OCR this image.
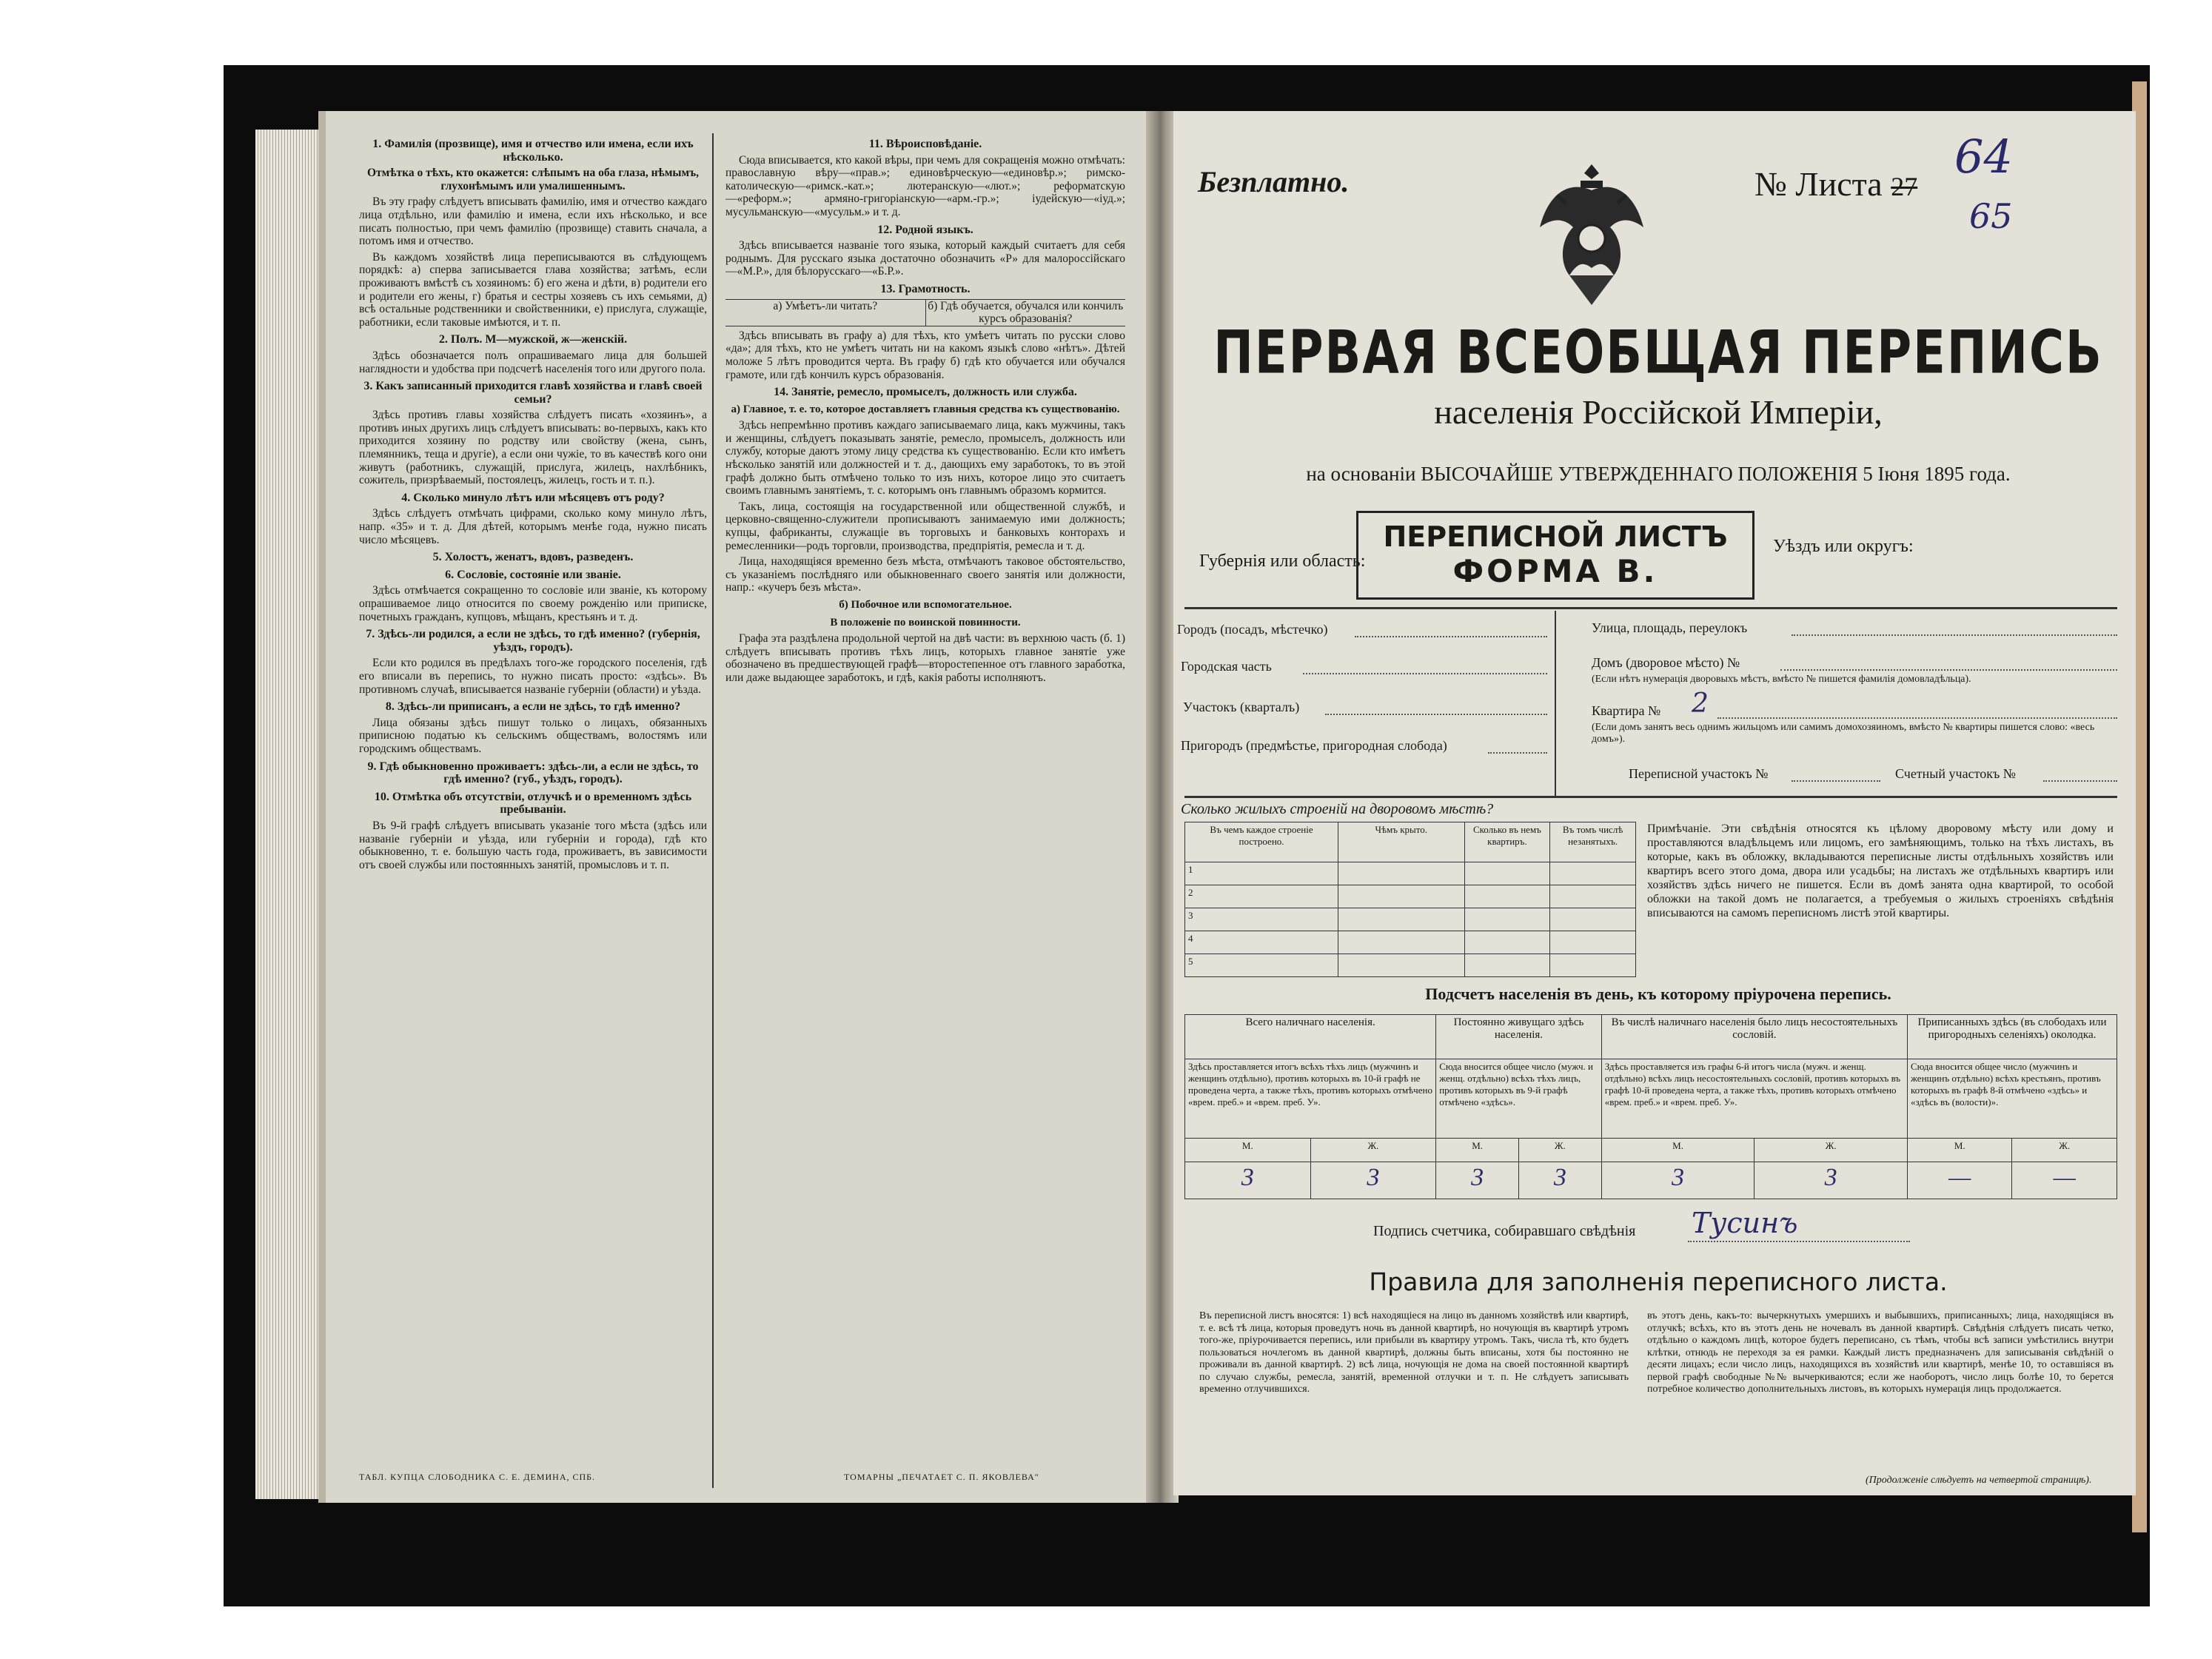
1. Фамилія (прозвище), имя и отчество или имена, если ихъ нѣсколько.

Отмѣтка о тѣхъ, кто окажется: слѣпымъ на оба глаза, нѣмымъ, глухонѣмымъ или умалишеннымъ.

Въ эту графу слѣдуетъ вписывать фамилію, имя и отчество каждаго лица отдѣльно, или фамилію и имена, если ихъ нѣсколько, и все писать полностью, при чемъ фамилію (прозвище) ставить сначала, а потомъ имя и отчество.

Въ каждомъ хозяйствѣ лица переписываются въ слѣдующемъ порядкѣ: а) сперва записывается глава хозяйства; затѣмъ, если проживаютъ вмѣстѣ съ хозяиномъ: б) его жена и дѣти, в) родители его и родители его жены, г) братья и сестры хозяевъ съ ихъ семьями, д) всѣ остальные родственники и свойственники, е) прислуга, служащіе, работники, если таковые имѣются, и т. п.

2. Полъ. М—мужской, ж—женскій.

Здѣсь обозначается полъ опрашиваемаго лица для большей наглядности и удобства при подсчетѣ населенія того или другого пола.

3. Какъ записанный приходится главѣ хозяйства и главѣ своей семьи?

Здѣсь противъ главы хозяйства слѣдуетъ писать «хозяинъ», а противъ иных другихъ лицъ слѣдуетъ вписывать: во-первыхъ, какъ кто приходится хозяину по родству или свойству (жена, сынъ, племянникъ, теща и другіе), а если они чужіе, то въ качествѣ кого они живутъ (работникъ, служащій, прислуга, жилецъ, нахлѣбникъ, сожитель, призрѣваемый, постоялецъ, жилецъ, гость и т. п.).

4. Сколько минуло лѣтъ или мѣсяцевъ отъ роду?

Здѣсь слѣдуетъ отмѣчать цифрами, сколько кому минуло лѣтъ, напр. «35» и т. д. Для дѣтей, которымъ менѣе года, нужно писать число мѣсяцевъ.

5. Холостъ, женатъ, вдовъ, разведенъ.
6. Сословіе, состояніе или званіе.

Здѣсь отмѣчается сокращенно то сословіе или званіе, къ которому опрашиваемое лицо относится по своему рожденію или приписке, почетныхъ гражданъ, купцовъ, мѣщанъ, крестьянъ и т. д.

7. Здѣсь-ли родился, а если не здѣсь, то гдѣ именно? (губернія, уѣздъ, городъ).

Если кто родился въ предѣлахъ того-же городского поселенія, гдѣ его вписали въ перепись, то нужно писать просто: «здѣсь». Въ противномъ случаѣ, вписывается названіе губерніи (области) и уѣзда.

8. Здѣсь-ли приписанъ, а если не здѣсь, то гдѣ именно?

Лица обязаны здѣсь пишут только о лицахъ, обязанныхъ приписною податью къ сельскимъ обществамъ, волостямъ или городскимъ обществамъ.

9. Гдѣ обыкновенно проживаетъ: здѣсь-ли, а если не здѣсь, то гдѣ именно? (губ., уѣздъ, городъ).
10. Отмѣтка объ отсутствіи, отлучкѣ и о временномъ здѣсь пребываніи.

Въ 9-й графѣ слѣдуетъ вписывать указаніе того мѣста (здѣсь или названіе губерніи и уѣзда, или губерніи и города), гдѣ кто обыкновенно, т. е. большую часть года, проживаетъ, въ зависимости отъ своей службы или постоянныхъ занятій, промысловъ и т. п.

11. Вѣроисповѣданіе.

Сюда вписывается, кто какой вѣры, при чемъ для сокращенія можно отмѣчать: православную вѣру—«прав.»; единовѣрческую—«единовѣр.»; римско-католическую—«римск.-кат.»; лютеранскую—«лют.»; реформатскую—«реформ.»; армяно-григоріанскую—«арм.-гр.»; іудейскую—«іуд.»; мусульманскую—«мусульм.» и т. д.

12. Родной языкъ.

Здѣсь вписывается названіе того языка, который каждый считаетъ для себя роднымъ. Для русскаго языка достаточно обозначить «Р» для малороссійскаго—«М.Р.», для бѣлорусскаго—«Б.Р.».

13. Грамотность.
а) Умѣетъ-ли читать?	б) Гдѣ обучается, обучался или кончилъ курсъ образованія?

Здѣсь вписывать въ графу а) для тѣхъ, кто умѣетъ читать по русски слово «да»; для тѣхъ, кто не умѣетъ читать ни на какомъ языкѣ слово «нѣтъ». Дѣтей моложе 5 лѣтъ проводится черта. Въ графу б) гдѣ кто обучается или обучался грамоте, или гдѣ кончилъ курсъ образованія.

14. Занятіе, ремесло, промыселъ, должность или служба.
а) Главное, т. е. то, которое доставляетъ главныя средства къ существованію.

Здѣсь непремѣнно противъ каждаго записываемаго лица, какъ мужчины, такъ и женщины, слѣдуетъ показывать занятіе, ремесло, промыселъ, должность или службу, которые даютъ этому лицу средства къ существованію. Если кто имѣетъ нѣсколько занятій или должностей и т. д., дающихъ ему заработокъ, то въ этой графѣ должно быть отмѣчено только то изъ нихъ, которое лицо это считаетъ своимъ главнымъ занятіемъ, т. с. которымъ онъ главнымъ образомъ кормится.

Такъ, лица, состоящія на государственной или общественной службѣ, и церковно-священно-служители прописываютъ занимаемую ими должность; купцы, фабриканты, служащіе въ торговыхъ и банковыхъ конторахъ и ремесленники—родъ торговли, производства, предпріятія, ремесла и т. д.

Лица, находящіяся временно безъ мѣста, отмѣчаютъ таковое обстоятельство, съ указаніемъ послѣдняго или обыкновеннаго своего занятія или должности, напр.: «кучеръ безъ мѣста».

б) Побочное или вспомогательное.
В положеніе по воинской повинности.

Графа эта раздѣлена продольной чертой на двѣ части: въ верхнюю часть (б. 1) слѣдуетъ вписывать противъ тѣхъ лицъ, которыхъ главное занятіе уже обозначено въ предшествующей графѣ—второстепенное отъ главного заработка, или даже выдающее заработокъ, и гдѣ, какія работы исполняютъ.

ТАБЛ. КУПЦА СЛОБОДНИКА С. Е. ДЕМИНА, СПБ.	ТОМАРНЫ „ПЕЧАТАЕТ С. П. ЯКОВЛЕВА"
Безплатно.	№ Листа 27
64
65
ПЕРВАЯ ВСЕОБЩАЯ ПЕРЕПИСЬ
населенія Россійской Имперіи,
на основаніи ВЫСОЧАЙШЕ УТВЕРЖДЕННАГО ПОЛОЖЕНІЯ 5 Іюня 1895 года.
Губернія или область:
ПЕРЕПИСНОЙ ЛИСТЪ
ФОРМА В.
Уѣздъ или округъ:
Городъ (посадъ, мѣстечко)
Городская часть
Участокъ (кварталъ)
Пригородъ (предмѣстье, пригородная слобода)
Улица, площадь, переулокъ
Домъ (дворовое мѣсто) №
(Если нѣтъ нумерація дворовыхъ мѣстъ, вмѣсто № пишется фамилія домовладѣльца).
Квартира № 2
(Если домъ занятъ весь однимъ жильцомъ или самимъ домохозяиномъ, вмѣсто № квартиры пишется слово: «весь домъ»).
Переписной участокъ №	Счетный участокъ №
Сколько жилыхъ строеній на дворовомъ мѣстѣ?
Въ чемъ каждое строеніе построено.	Чѣмъ крыто.	Сколько въ немъ квартиръ.	Въ томъ числѣ незанятыхъ.
1			
2			
3			
4			
5			
Примѣчаніе. Эти свѣдѣнія относятся къ цѣлому дворовому мѣсту или дому и проставляются владѣльцемъ или лицомъ, его замѣняющимъ, только на тѣхъ листахъ, въ которые, какъ въ обложку, вкладываются переписные листы отдѣльныхъ хозяйствъ или квартиръ всего этого дома, двора или усадьбы; на листахъ же отдѣльныхъ квартиръ или хозяйствъ здѣсь ничего не пишется. Если въ домѣ занята одна квартирой, то особой обложки на такой домъ не полагается, а требуемыя о жилыхъ строеніяхъ свѣдѣнія вписываются на самомъ переписномъ листѣ этой квартиры.
Подсчетъ населенія въ день, къ которому пріурочена перепись.
Всего наличнаго населенія.		Постоянно живущаго здѣсь населенія.		Въ числѣ наличнаго населенія было лицъ несостоятельныхъ сословій.		Приписанныхъ здѣсь (въ слободахъ или пригородныхъ селеніяхъ) околодка.	
Здѣсь проставляется итогъ всѣхъ тѣхъ лицъ (мужчинъ и женщинъ отдѣльно), противъ которыхъ въ 10-й графѣ не проведена черта, а также тѣхъ, противъ которыхъ отмѣчено «врем. преб.» и «врем. преб. У».		Сюда вносится общее число (мужч. и женщ. отдѣльно) всѣхъ тѣхъ лицъ, противъ которыхъ въ 9-й графѣ отмѣчено «здѣсь».		Здѣсь проставляется изъ графы 6-й итогъ числа (мужч. и женщ. отдѣльно) всѣхъ лицъ несостоятельныхъ сословій, противъ которыхъ въ графѣ 10-й проведена черта, а также тѣхъ, противъ которыхъ отмѣчено «врем. преб.» и «врем. преб. У».		Сюда вносится общее число (мужчинъ и женщинъ отдѣльно) всѣхъ крестьянъ, противъ которыхъ въ графѣ 8-й отмѣчено «здѣсь» и «здѣсь въ (волости)».	
М.	Ж.	М.	Ж.	М.	Ж.	М.	Ж.
3	3	3	3	3	3	—	—
Подпись счетчика, собиравшаго свѣдѣнія Тусинъ
Правила для заполненія переписного листа.
Въ переписной листъ вносятся: 1) всѣ находящіеся на лицо въ данномъ хозяйствѣ или квартирѣ, т. е. всѣ тѣ лица, которыя проведутъ ночь въ данной квартирѣ, но ночующія въ квартирѣ утромъ того-же, пріурочивается перепись, или прибыли въ квартиру утромъ. Такъ, числа тѣ, кто будетъ пользоваться ночлегомъ въ данной квартирѣ, должны быть вписаны, хотя бы постоянно не проживали въ данной квартирѣ. 2) всѣ лица, ночующія не дома на своей постоянной квартирѣ по случаю службы, ремесла, занятій, временной отлучки и т. п. Не слѣдуетъ записывать временно отлучившихся.
въ этотъ день, какъ-то: вычеркнутыхъ умершихъ и выбывшихъ, приписанныхъ; лица, находящіяся въ отлучкѣ; всѣхъ, кто въ этотъ день не ночевалъ въ данной квартирѣ. Свѣдѣнія слѣдуетъ писать четко, отдѣльно о каждомъ лицѣ, которое будетъ переписано, съ тѣмъ, чтобы всѣ записи умѣстились внутри клѣтки, отнюдь не переходя за ея рамки. Каждый листъ предназначенъ для записыванія свѣдѣній о десяти лицахъ; если число лицъ, находящихся въ хозяйствѣ или квартирѣ, менѣе 10, то оставшіяся въ первой графѣ свободные №№ вычеркиваются; если же наоборотъ, число лицъ болѣе 10, то берется потребное количество дополнительныхъ листовъ, въ которыхъ нумерація лицъ продолжается.
(Продолженіе слѣдуетъ на четвертой страницѣ).
